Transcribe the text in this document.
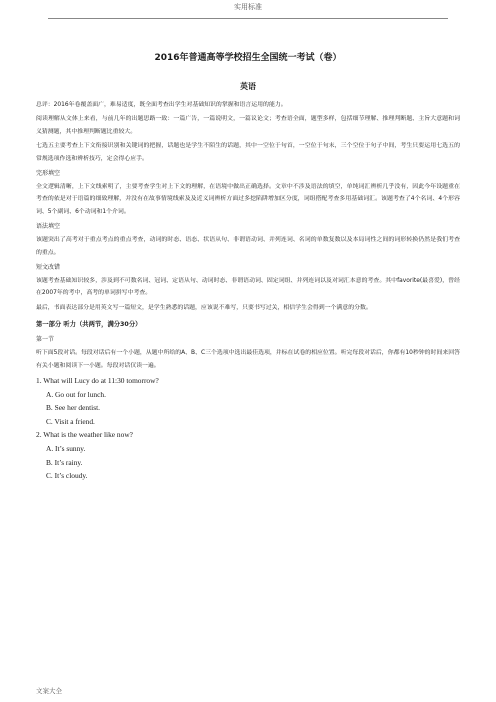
实用标准
2016年普通高等学校招生全国统一考试（卷）
英语

总评：2016年卷覆盖面广，难易适度，既全面考查出学生对基础知识的掌握和语言运用的能力。

阅读理解从文体上来看，与前几年的出题思路一致：一篇广告，一篇说明文，一篇议论文；考查语全面，题型多样，包括细节理解、推理判断题、主旨大意题和词义猜测题，其中推理判断题比重较大。

七选五主要考查上下文衔接识别和关键词的把握，话题也是学生不陌生的话题，其中一空位于句首，一空位于句末，三个空位于句子中间，考生只要运用七选五的常规选项作选和辨析技巧，定会得心应手。

完形填空

全文逻辑清晰，上下文线索明了，主要考查学生对上下文的理解，在语境中做出正确选择。文章中不涉及语法的填空，单纯词汇辨析几乎没有，因此今年设题重在考查的依是对于语篇的细致理解，并没有在故事情境线索及及近义词辨析方面过多挖陷阱增加区分度，词组搭配考查多用基础词汇。该题考查了4个名词、4个形容词、5个副词、6个动词和1个介词。

语法填空

该题突出了高考对于重点考点的重点考查，动词的时态、语态、状语从句、非谓语动词、并列连词、名词的单数复数以及本局词性之间的词形转换仍然是我们考查的重点。

短文改错

该题考查基础知识较多，涉及到不可数名词、冠词、定语从句、动词时态、非谓语动词、固定词组、并列连词以及对词汇本意的考查。其中favorite(最喜爱)，曾经在2007年的考中，高考的单词拼写中考查。

最后，书面表达部分是用英文写一篇短文，是学生熟悉的话题，应该说不难写，只要书写过关，相信学生会得到一个满意的分数。

第一部分 听力（共两节，满分30分）
第一节

听下面5段对话。每段对话后有一个小题，从题中所给的A、B、C三个选项中选出最佳选项，并标在试卷的相应位置。听完每段对话后，你都有10秒钟的时间来回答有关小题和阅读下一小题。每段对话仅读一遍。

1. What will Lucy do at 11:30 tomorrow?

A. Go out for lunch.

B. See her dentist.

C. Visit a friend.

2. What is the weather like now?

A. It’s sunny.

B. It’s rainy.

C. It’s cloudy.

文案大全
